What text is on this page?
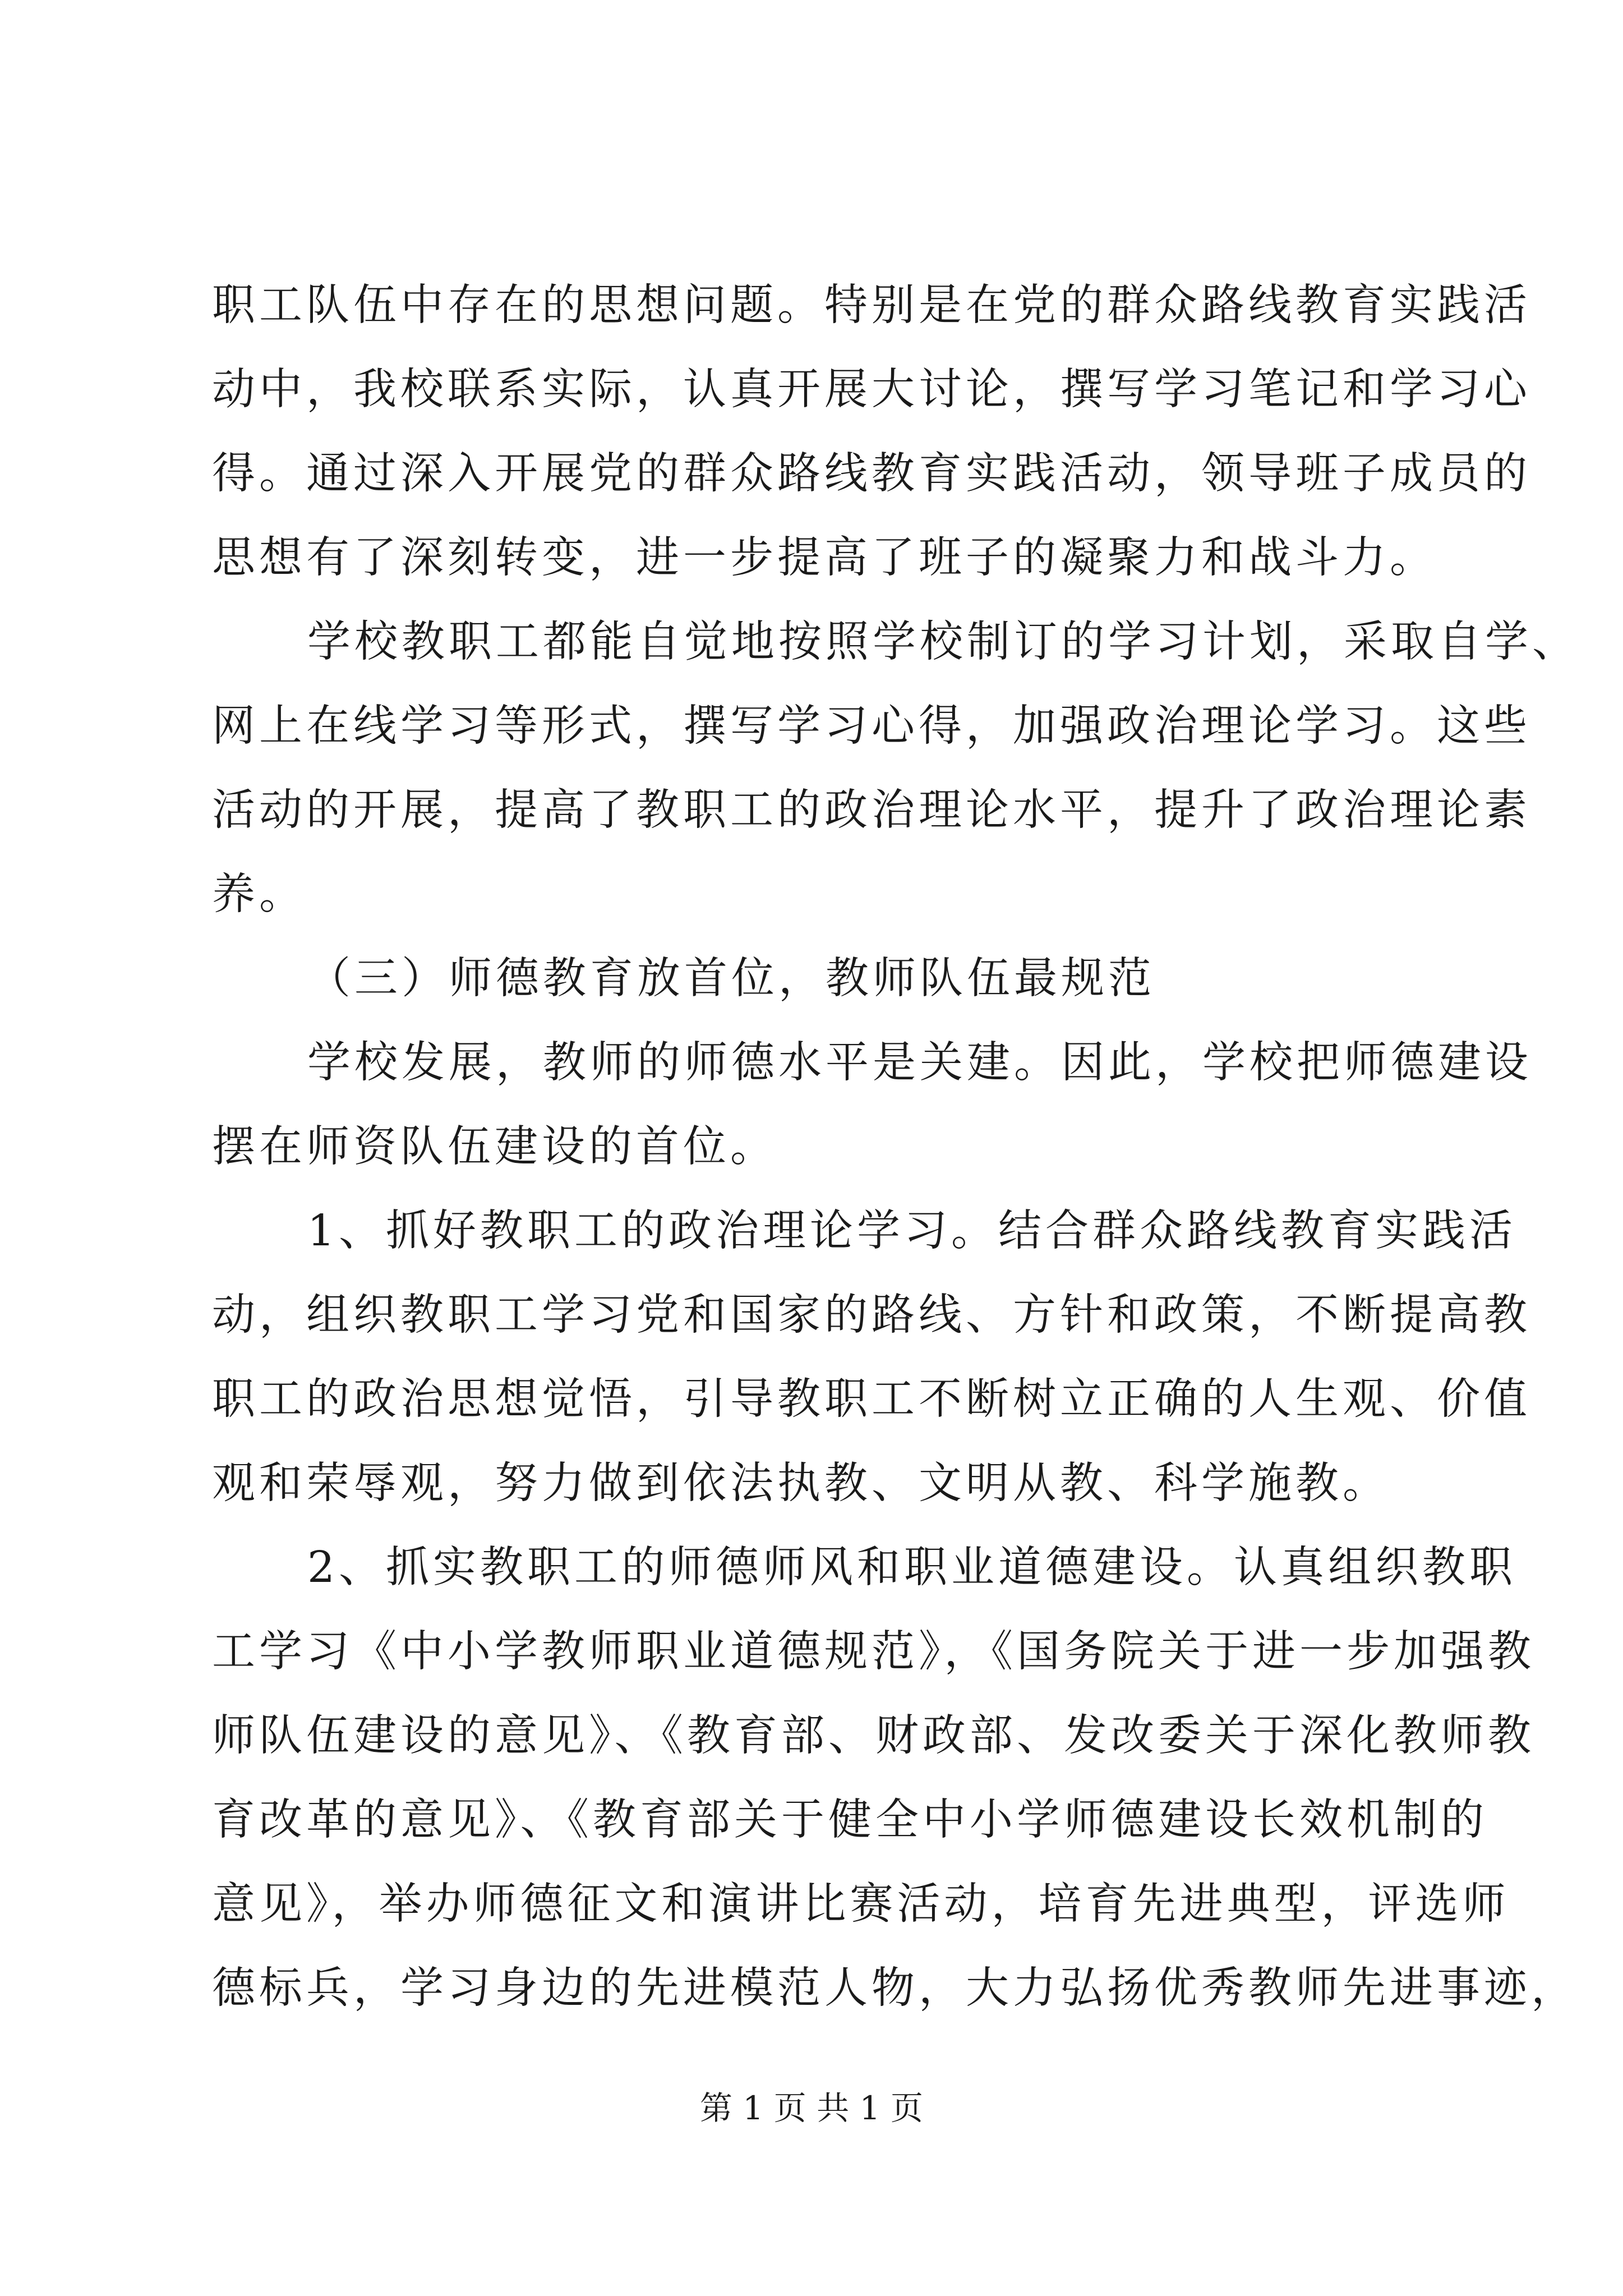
职工队伍中存在的思想问题。特别是在党的群众路线教育实践活
动中，我校联系实际，认真开展大讨论，撰写学习笔记和学习心
得。通过深入开展党的群众路线教育实践活动，领导班子成员的
思想有了深刻转变，进一步提高了班子的凝聚力和战斗力。
学校教职工都能自觉地按照学校制订的学习计划，采取自学、
网上在线学习等形式，撰写学习心得，加强政治理论学习。这些
活动的开展，提高了教职工的政治理论水平，提升了政治理论素
养。
（三）师德教育放首位，教师队伍最规范
学校发展，教师的师德水平是关建。因此，学校把师德建设
摆在师资队伍建设的首位。
1、抓好教职工的政治理论学习。结合群众路线教育实践活
动，组织教职工学习党和国家的路线、方针和政策，不断提高教
职工的政治思想觉悟，引导教职工不断树立正确的人生观、价值
观和荣辱观，努力做到依法执教、文明从教、科学施教。
2、抓实教职工的师德师风和职业道德建设。认真组织教职
工学习《中小学教师职业道德规范》，《国务院关于进一步加强教
师队伍建设的意见》、《教育部、财政部、发改委关于深化教师教
育改革的意见》、《教育部关于健全中小学师德建设长效机制的
意见》，举办师德征文和演讲比赛活动，培育先进典型，评选师
德标兵，学习身边的先进模范人物，大力弘扬优秀教师先进事迹，
第 1 页 共 1 页
